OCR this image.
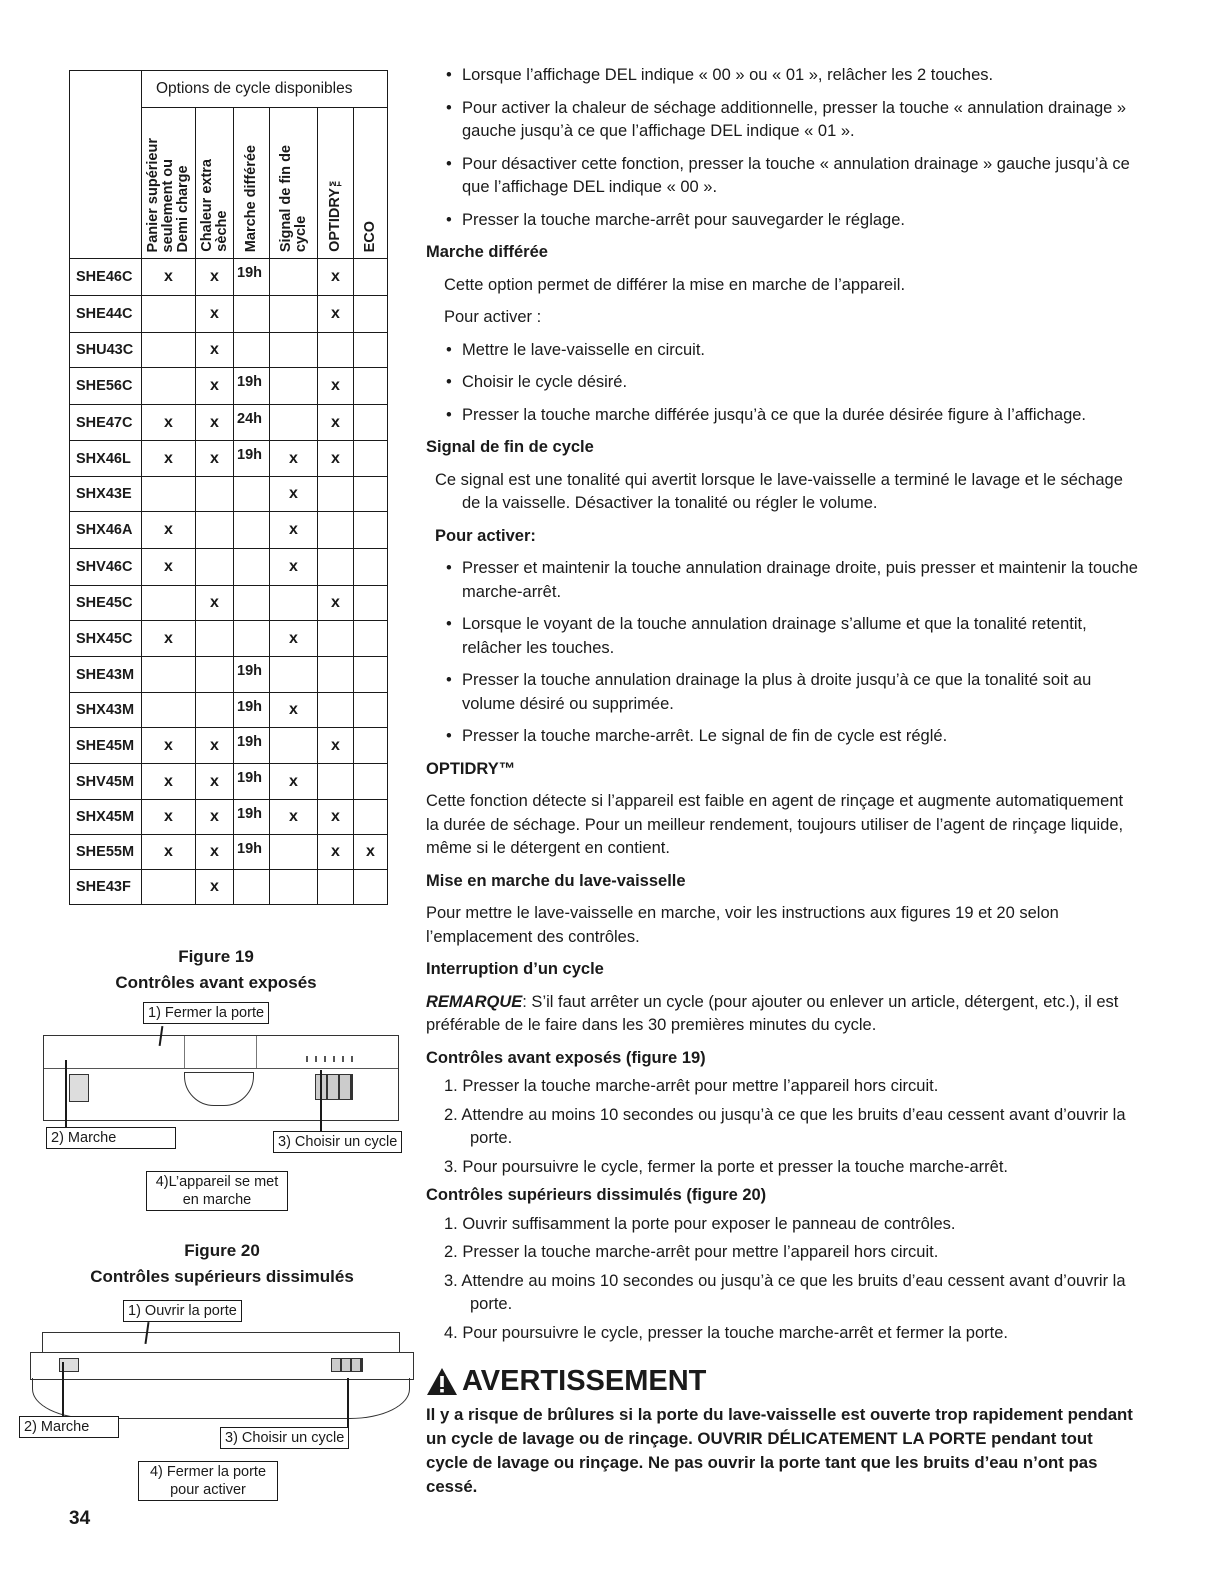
	Options de cycle disponibles					

	Panier supérieur
seulement ou
Demi charge	Chaleur extra
sèche	Marche différée	Signal de fin de
cycle	OPTIDRY™	ECO

SHE46C	x	x	19h		x	
SHE44C		x			x	
SHU43C		x				
SHE56C		x	19h		x	
SHE47C	x	x	24h		x	
SHX46L	x	x	19h	x	x	
SHX43E				x		
SHX46A	x			x		
SHV46C	x			x		
SHE45C		x			x	
SHX45C	x			x		
SHE43M			19h			
SHX43M			19h	x		
SHE45M	x	x	19h		x	
SHV45M	x	x	19h	x		
SHX45M	x	x	19h	x	x	
SHE55M	x	x	19h		x	x
SHE43F		x				
Figure 19
Contrôles avant exposés
1) Fermer la porte
2) Marche	3) Choisir un cycle
4)L’appareil se met
en marche
Figure 20
Contrôles supérieurs dissimulés
1) Ouvrir la porte
2) Marche
3) Choisir un cycle
4) Fermer la porte
pour activer
• Lorsque l’affichage DEL indique « 00 » ou « 01 », relâcher les 2 touches.
• Pour activer la chaleur de séchage additionnelle, presser la touche « annulation drainage » gauche jusqu’à ce que l’affichage DEL indique « 01 ».
• Pour désactiver cette fonction, presser la touche « annulation drainage » gauche jusqu’à ce que l’affichage DEL indique « 00 ».
• Presser la touche marche-arrêt pour sauvegarder le réglage.
Marche différée

Cette option permet de différer la mise en marche de l’appareil.

Pour activer :

• Mettre le lave-vaisselle en circuit.
• Choisir le cycle désiré.
• Presser la touche marche différée jusqu’à ce que la durée désirée figure à l’affichage.
Signal de fin de cycle

Ce signal est une tonalité qui avertit lorsque le lave-vaisselle a terminé le lavage et le séchage de la vaisselle. Désactiver la tonalité ou régler le volume.

Pour activer:
• Presser et maintenir la touche annulation drainage droite, puis presser et maintenir la touche marche-arrêt.
• Lorsque le voyant de la touche annulation drainage s’allume et que la tonalité retentit, relâcher les touches.
• Presser la touche annulation drainage la plus à droite jusqu’à ce que la tonalité soit au volume désiré ou supprimée.
• Presser la touche marche-arrêt. Le signal de fin de cycle est réglé.
OPTIDRY™

Cette fonction détecte si l’appareil est faible en agent de rinçage et augmente automatiquement la durée de séchage. Pour un meilleur rendement, toujours utiliser de l’agent de rinçage liquide, même si le détergent en contient.

Mise en marche du lave-vaisselle

Pour mettre le lave-vaisselle en marche, voir les instructions aux figures 19 et 20 selon l’emplacement des contrôles.

Interruption d’un cycle

REMARQUE: S’il faut arrêter un cycle (pour ajouter ou enlever un article, détergent, etc.), il est préférable de le faire dans les 30 premières minutes du cycle.

Contrôles avant exposés (figure 19)
1. Presser la touche marche-arrêt pour mettre l’appareil hors circuit.
2. Attendre au moins 10 secondes ou jusqu’à ce que les bruits d’eau cessent avant d’ouvrir la porte.
3. Pour poursuivre le cycle, fermer la porte et presser la touche marche-arrêt.
Contrôles supérieurs dissimulés (figure 20)
1. Ouvrir suffisamment la porte pour exposer le panneau de contrôles.
2. Presser la touche marche-arrêt pour mettre l’appareil hors circuit.
3. Attendre au moins 10 secondes ou jusqu’à ce que les bruits d’eau cessent avant d’ouvrir la porte.
4. Pour poursuivre le cycle, presser la touche marche-arrêt et fermer la porte.
AVERTISSEMENT
Il y a risque de brûlures si la porte du lave-vaisselle est ouverte trop rapidement pendant un cycle de lavage ou de rinçage. OUVRIR DÉLICATEMENT LA PORTE pendant tout cycle de lavage ou rinçage. Ne pas ouvrir la porte tant que les bruits d’eau n’ont pas cessé.
34
